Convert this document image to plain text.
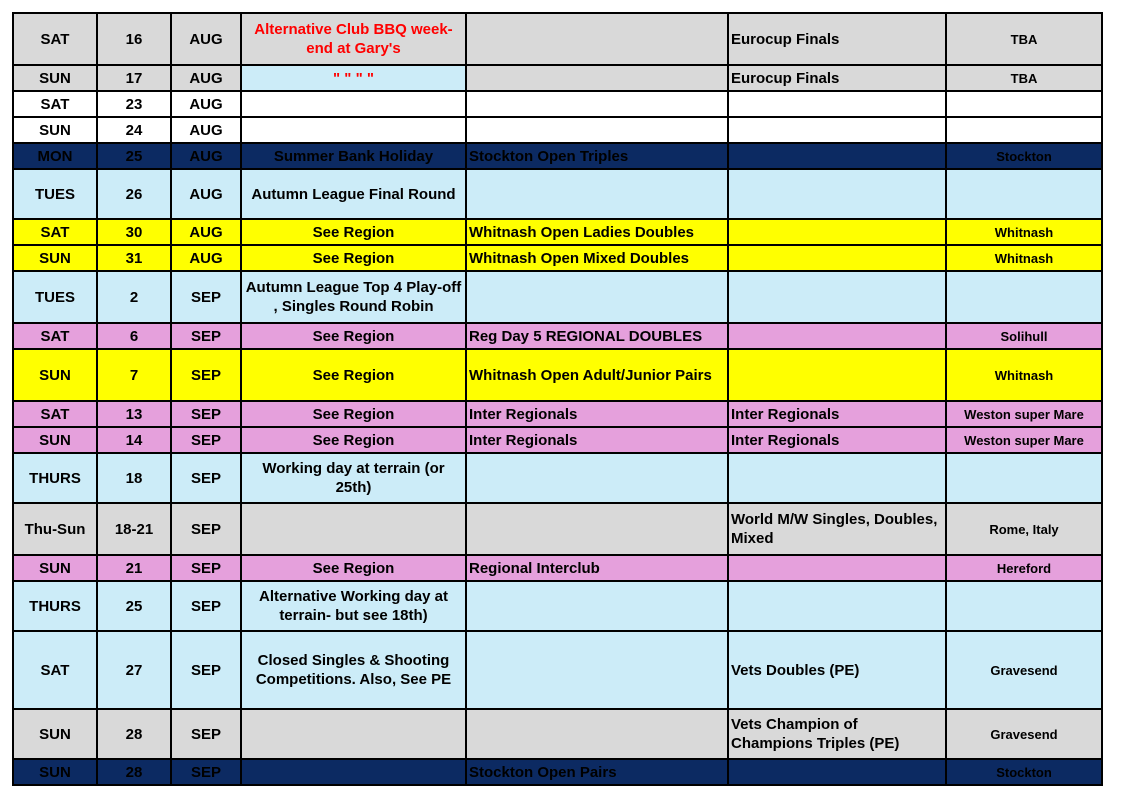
SAT	16	AUG	Alternative Club BBQ week-end at Gary's		Eurocup Finals	TBA
SUN	17	AUG	" " " "		Eurocup Finals	TBA
SAT	23	AUG				
SUN	24	AUG				
MON	25	AUG	Summer Bank Holiday	Stockton Open Triples		Stockton
TUES	26	AUG	Autumn League Final Round			
SAT	30	AUG	See Region	Whitnash Open Ladies Doubles		Whitnash
SUN	31	AUG	See Region	Whitnash Open Mixed Doubles		Whitnash
TUES	2	SEP	Autumn League Top 4 Play-off , Singles Round Robin			
SAT	6	SEP	See Region	Reg Day 5 REGIONAL DOUBLES		Solihull
SUN	7	SEP	See Region	Whitnash Open Adult/Junior Pairs		Whitnash
SAT	13	SEP	See Region	Inter Regionals	Inter Regionals	Weston super Mare
SUN	14	SEP	See Region	Inter Regionals	Inter Regionals	Weston super Mare
THURS	18	SEP	Working day at terrain (or 25th)			
Thu-Sun	18-21	SEP			World M/W Singles, Doubles, Mixed	Rome, Italy
SUN	21	SEP	See Region	Regional Interclub		Hereford
THURS	25	SEP	Alternative Working day at terrain- but see 18th)			
SAT	27	SEP	Closed Singles & Shooting Competitions. Also, See PE		Vets Doubles (PE)	Gravesend
SUN	28	SEP			Vets Champion of Champions Triples (PE)	Gravesend
SUN	28	SEP		Stockton Open Pairs		Stockton
